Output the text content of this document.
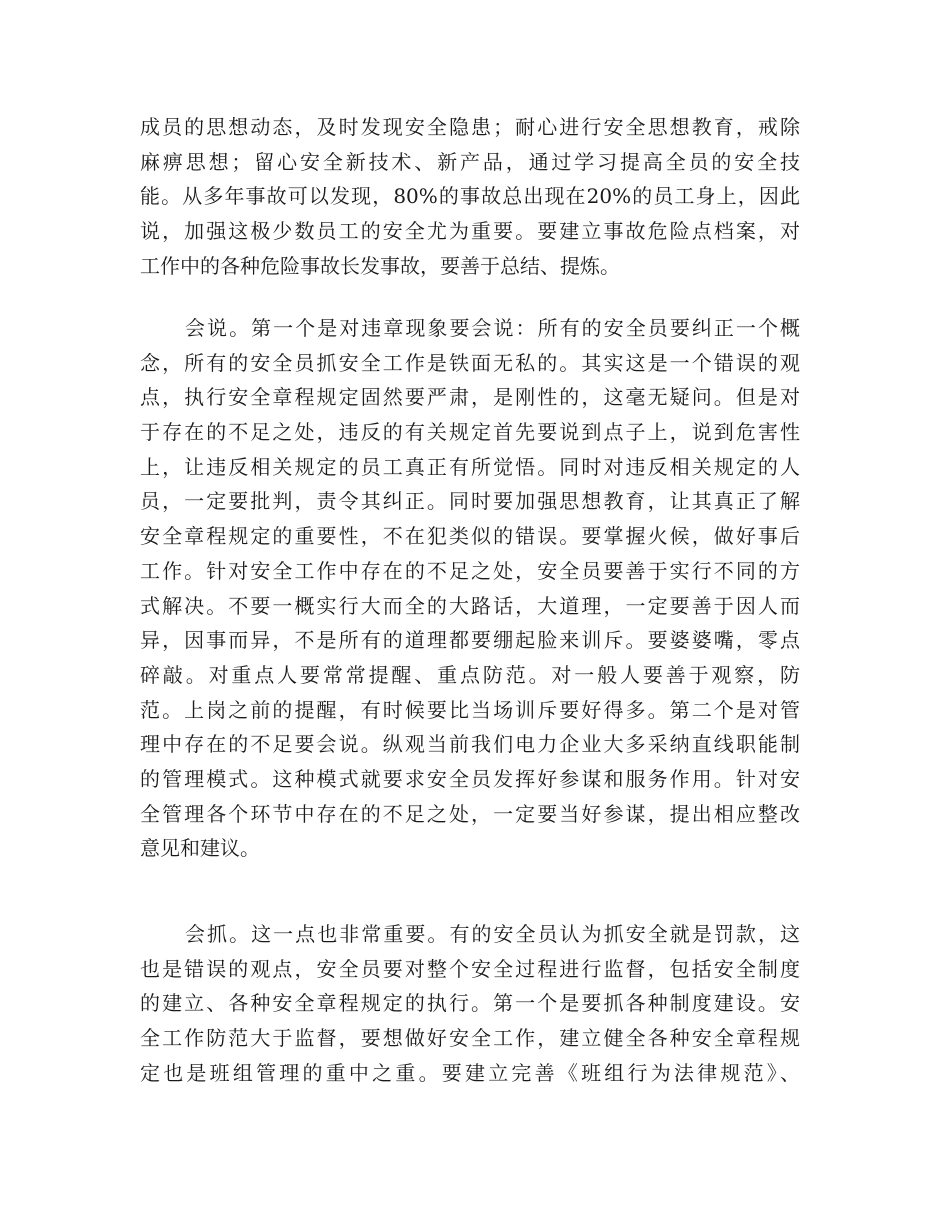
成员的思想动态，及时发现安全隐患；耐心进行安全思想教育，戒除
麻痹思想；留心安全新技术、新产品，通过学习提高全员的安全技
能。从多年事故可以发现，80%的事故总出现在20%的员工身上，因此
说，加强这极少数员工的安全尤为重要。要建立事故危险点档案，对
工作中的各种危险事故长发事故，要善于总结、提炼。
会说。第一个是对违章现象要会说：所有的安全员要纠正一个概
念，所有的安全员抓安全工作是铁面无私的。其实这是一个错误的观
点，执行安全章程规定固然要严肃，是刚性的，这毫无疑问。但是对
于存在的不足之处，违反的有关规定首先要说到点子上，说到危害性
上，让违反相关规定的员工真正有所觉悟。同时对违反相关规定的人
员，一定要批判，责令其纠正。同时要加强思想教育，让其真正了解
安全章程规定的重要性，不在犯类似的错误。要掌握火候，做好事后
工作。针对安全工作中存在的不足之处，安全员要善于实行不同的方
式解决。不要一概实行大而全的大路话，大道理，一定要善于因人而
异，因事而异，不是所有的道理都要绷起脸来训斥。要婆婆嘴，零点
碎敲。对重点人要常常提醒、重点防范。对一般人要善于观察，防
范。上岗之前的提醒，有时候要比当场训斥要好得多。第二个是对管
理中存在的不足要会说。纵观当前我们电力企业大多采纳直线职能制
的管理模式。这种模式就要求安全员发挥好参谋和服务作用。针对安
全管理各个环节中存在的不足之处，一定要当好参谋，提出相应整改
意见和建议。
会抓。这一点也非常重要。有的安全员认为抓安全就是罚款，这
也是错误的观点，安全员要对整个安全过程进行监督，包括安全制度
的建立、各种安全章程规定的执行。第一个是要抓各种制度建设。安
全工作防范大于监督，要想做好安全工作，建立健全各种安全章程规
定也是班组管理的重中之重。要建立完善《班组行为法律规范》、
